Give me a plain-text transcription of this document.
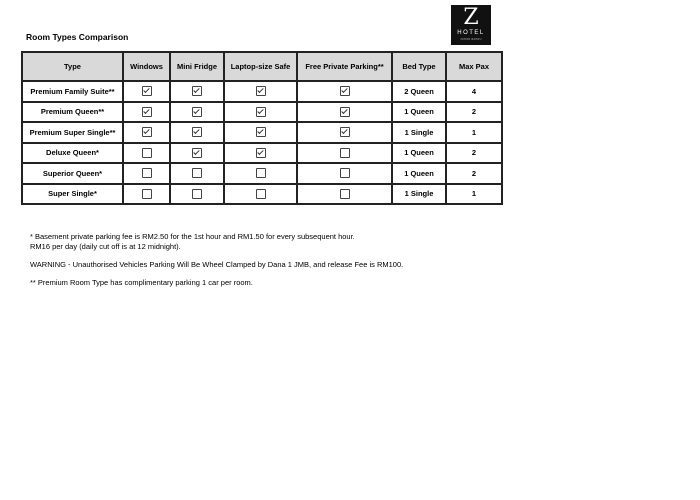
Room Types Comparison
Z
HOTEL
JOHOR BAHRU
Type	Windows	Mini Fridge	Laptop-size Safe	Free Private Parking**	Bed Type	Max Pax
Premium Family Suite**					2 Queen	4
Premium Queen**					1 Queen	2
Premium Super Single**					1 Single	1
Deluxe Queen*					1 Queen	2
Superior Queen*					1 Queen	2
Super Single*					1 Single	1

* Basement private parking fee is RM2.50 for the 1st hour and RM1.50 for every subsequent hour.
RM16 per day (daily cut off is at 12 midnight).

WARNING - Unauthorised Vehicles Parking Will Be Wheel Clamped by Dana 1 JMB, and release Fee is RM100.

** Premium Room Type has complimentary parking 1 car per room.
